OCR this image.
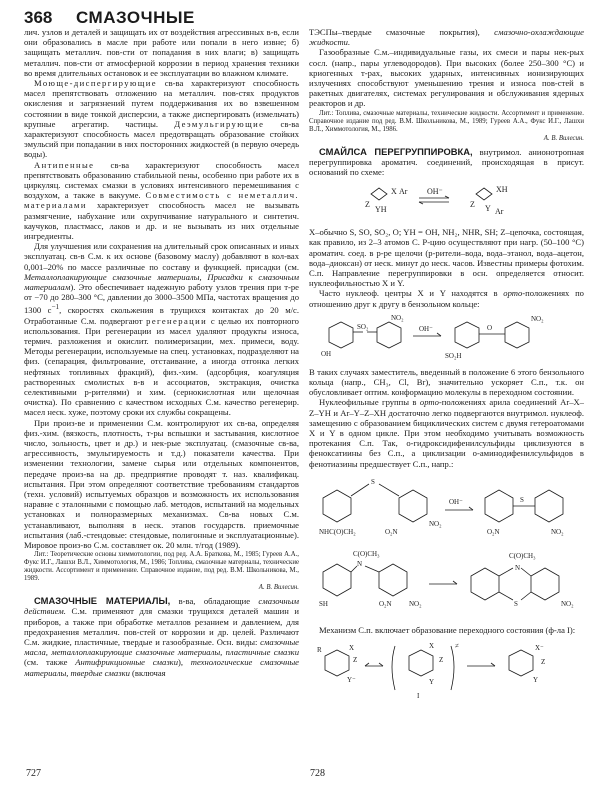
368 СМАЗОЧНЫЕ

лич. узлов и деталей и защищать их от воздействия агрессивных в-в, если они образовались в масле при работе или попали в него извне; б) защищать металлич. пов-сти от попадания в них влаги; в) защищать металлич. пов-сти от атмосферной коррозии в период хранения техники во время длительных остановок и ее эксплуатации во влажном климате.

Моюще-диспергирующие св-ва характеризуют способность масел препятствовать отложению на металлич. пов-стях продуктов окисления и загрязнений путем поддерживания их во взвешенном состоянии в виде тонкой дисперсии, а также диспергировать (измельчать) крупные агрегатир. частицы. Деэмульгирующие св-ва характеризуют способность масел предотвращать образование стойких эмульсий при попадании в них посторонних жидкостей (в первую очередь воды).

Антипенные св-ва характеризуют способность масел препятствовать образованию стабильной пены, особенно при работе их в циркуляц. системах смазки в условиях интенсивного перемешивания с воздухом, а также в вакууме. Совместимость с неметаллич. материалами характеризует способность масел не вызывать размягчение, набухание или охрупчивание натурального и синтетич. каучуков, пластмасс, лаков и др. и не вызывать из них отдельные ингредиенты.

Для улучшения или сохранения на длительный срок описанных и иных эксплуатац. св-в С.м. к их основе (базовому маслу) добавляют в кол-вах 0,001–20% по массе различные по составу и функцией. присадки (см. Металлоплакирующие смазочные материалы, Присадки к смазочным материалам). Это обеспечивает надежную работу узлов трения при т-ре от −70 до 280–300 °С, давлении до 3000–3500 МПа, частотах вращения до 1300 $с^{-1}$, скоростях скольжения в трущихся контактах до 20 м/с. Отработанные С.м. подвергают регенерации с целью их повторного использования. При регенерации из масел удаляют продукты износа, термич. разложения и окислит. полимеризации, мех. примеси, воду. Методы регенерации, используемые на спец. установках, подразделяют на физ. (сепарация, фильтрование, отстаивание, а иногда отгонка легких нефтяных топливных фракций), физ.-хим. (адсорбция, коагуляция растворенных смолистых в-в и ассоциатов, экстракция, очистка селективными р-рителями) и хим. (сернокислотная или щелочная очистка). По сравнению с качеством исходных С.м. качество регенерир. масел неск. хуже, поэтому сроки их службы сокращены.

При произ-ве и применении С.м. контролируют их св-ва, определяя физ.-хим. (вязкость, плотность, т-ры вспышки и застывания, кислотное число, зольность, цвет и др.) и нек-рые эксплуатац. (смазочные св-ва, агрессивность, эмульгируемость и т.д.) показатели качества. При изменении технологии, замене сырья или отдельных компонентов, передаче произ-ва на др. предприятие проводят т. наз. квалификац. испытания. При этом определяют соответствие требованиям стандартов (техн. условий) испытуемых образцов и возможность их использования наравне с эталонными с помощью лаб. методов, испытаний на модельных установках и полноразмерных механизмах. Св-ва новых С.м. устанавливают, выполняя в неск. этапов государств. приемочные испытания (лаб.-стендовые: стендовые, полигонные и эксплуатационные). Мировое произ-во С.м. составляет ок. 20 млн. т/год (1989).

Лит.: Теоретические основы химмотологии, под ред. А.А. Браткова, М., 1985; Гуреев А.А., Фукс И.Г., Лашхи В.Л., Химмотология, М., 1986; Топлива, смазочные материалы, технические жидкости. Ассортимент и применение. Справочное издание, под ред. В.М. Школьникова, М., 1989.

А. В. Вилесин.

СМАЗОЧНЫЕ МАТЕРИАЛЫ, в-ва, обладающие смазочным действием. С.м. применяют для смазки трущихся деталей машин и приборов, а также при обработке металлов резанием и давлением, для предохранения металлич. пов-стей от коррозии и др. целей. Различают С.м. жидкие, пластичные, твердые и газообразные. Осн. виды: смазочные масла, металлоплакирующие смазочные материалы, пластичные смазки (см. также Антифрикционные смазки), технологические смазочные материалы, твердые смазки (включая

ТЭСПы–твердые смазочные покрытия), смазочно-охлаждающие жидкости.

Газообразные С.м.–индивидуальные газы, их смеси и пары нек-рых сосл. (напр., пары углеводородов). При высоких (более 250–300 °С) и криогенных т-рах, высоких ударных, интенсивных ионизирующих излучениях способствуют уменьшению трения и износа пов-стей в ракетных двигателях, системах регулирования и обслуживания ядерных реакторов и др.

Лит.: Топлива, смазочные материалы, технические жидкости. Ассортимент и применение. Справочное издание под ред. В.М. Школьникова, М., 1989; Гуреев А.А., Фукс И.Г., Лашхи В.Л., Химмотология, М., 1986.

А. В. Вилесин.

СМАЙЛСА ПЕРЕГРУППИРОВКА, внутримол. анионотропная перегруппировка ароматич. соединений, происходящая в присут. оснований по схеме:

X Ar
Z
YH
OH⁻	XH
Z Y Ar

X–обычно S, SO, SO₂, O; YH = OH, NH₂, NHR, SH; Z–цепочка, состоящая, как правило, из 2–3 атомов С. Р-цию осуществляют при нагр. (50–100 °С) ароматич. соед. в р-ре щелочи (р-рители–вода, вода–этанол, вода–ацетон, вода–диоксан) от неск. минут до неск. часов. Известны примеры фотохим. С.п. Направление перегруппировки в осн. определяется относит. нуклеофильностью X и Y.

Часто нуклеоф. центры X и Y находятся в орто-положениях по отношению друг к другу в бензольном кольце:

SO₂
NO₂
OH
OH⁻	O
NO₂
SO₂H

В таких случаях заместитель, введенный в положение 6 этого бензольного кольца (напр., CH₃, Cl, Br), значительно ускоряет С.п., т.к. он обусловливает оптим. конформацию молекулы в переходном состоянии.

Нуклеофильные группы в орто-положениях арила соединений Ar–X–Z–YH и Ar–Y–Z–XH достаточно легко подвергаются внутримол. нуклеоф. замещению с образованием бициклических систем с двумя гетероатомами X и Y в одном цикле. При этом необходимо учитывать возможность протекания С.п. Так, о-гидроксидифенилсульфиды циклизуются в феноксатиины без С.п., а циклизации о-аминодифенилсульфидов в фенотиазины предшествует С.п., напр.:

S
NHC(O)CH₂	O₂N
NO₂
OH⁻	S
O₂N	NO₂
C(O)CH₃
N
SH	O₂N NO₂
C(O)CH₃
N
S	NO₂

Механизм С.п. включает образование переходного состояния (ф-ла I):

R	X
Z
Y⁻
X
Z
Y
≠
I
X⁻
Z
Y
727	728
